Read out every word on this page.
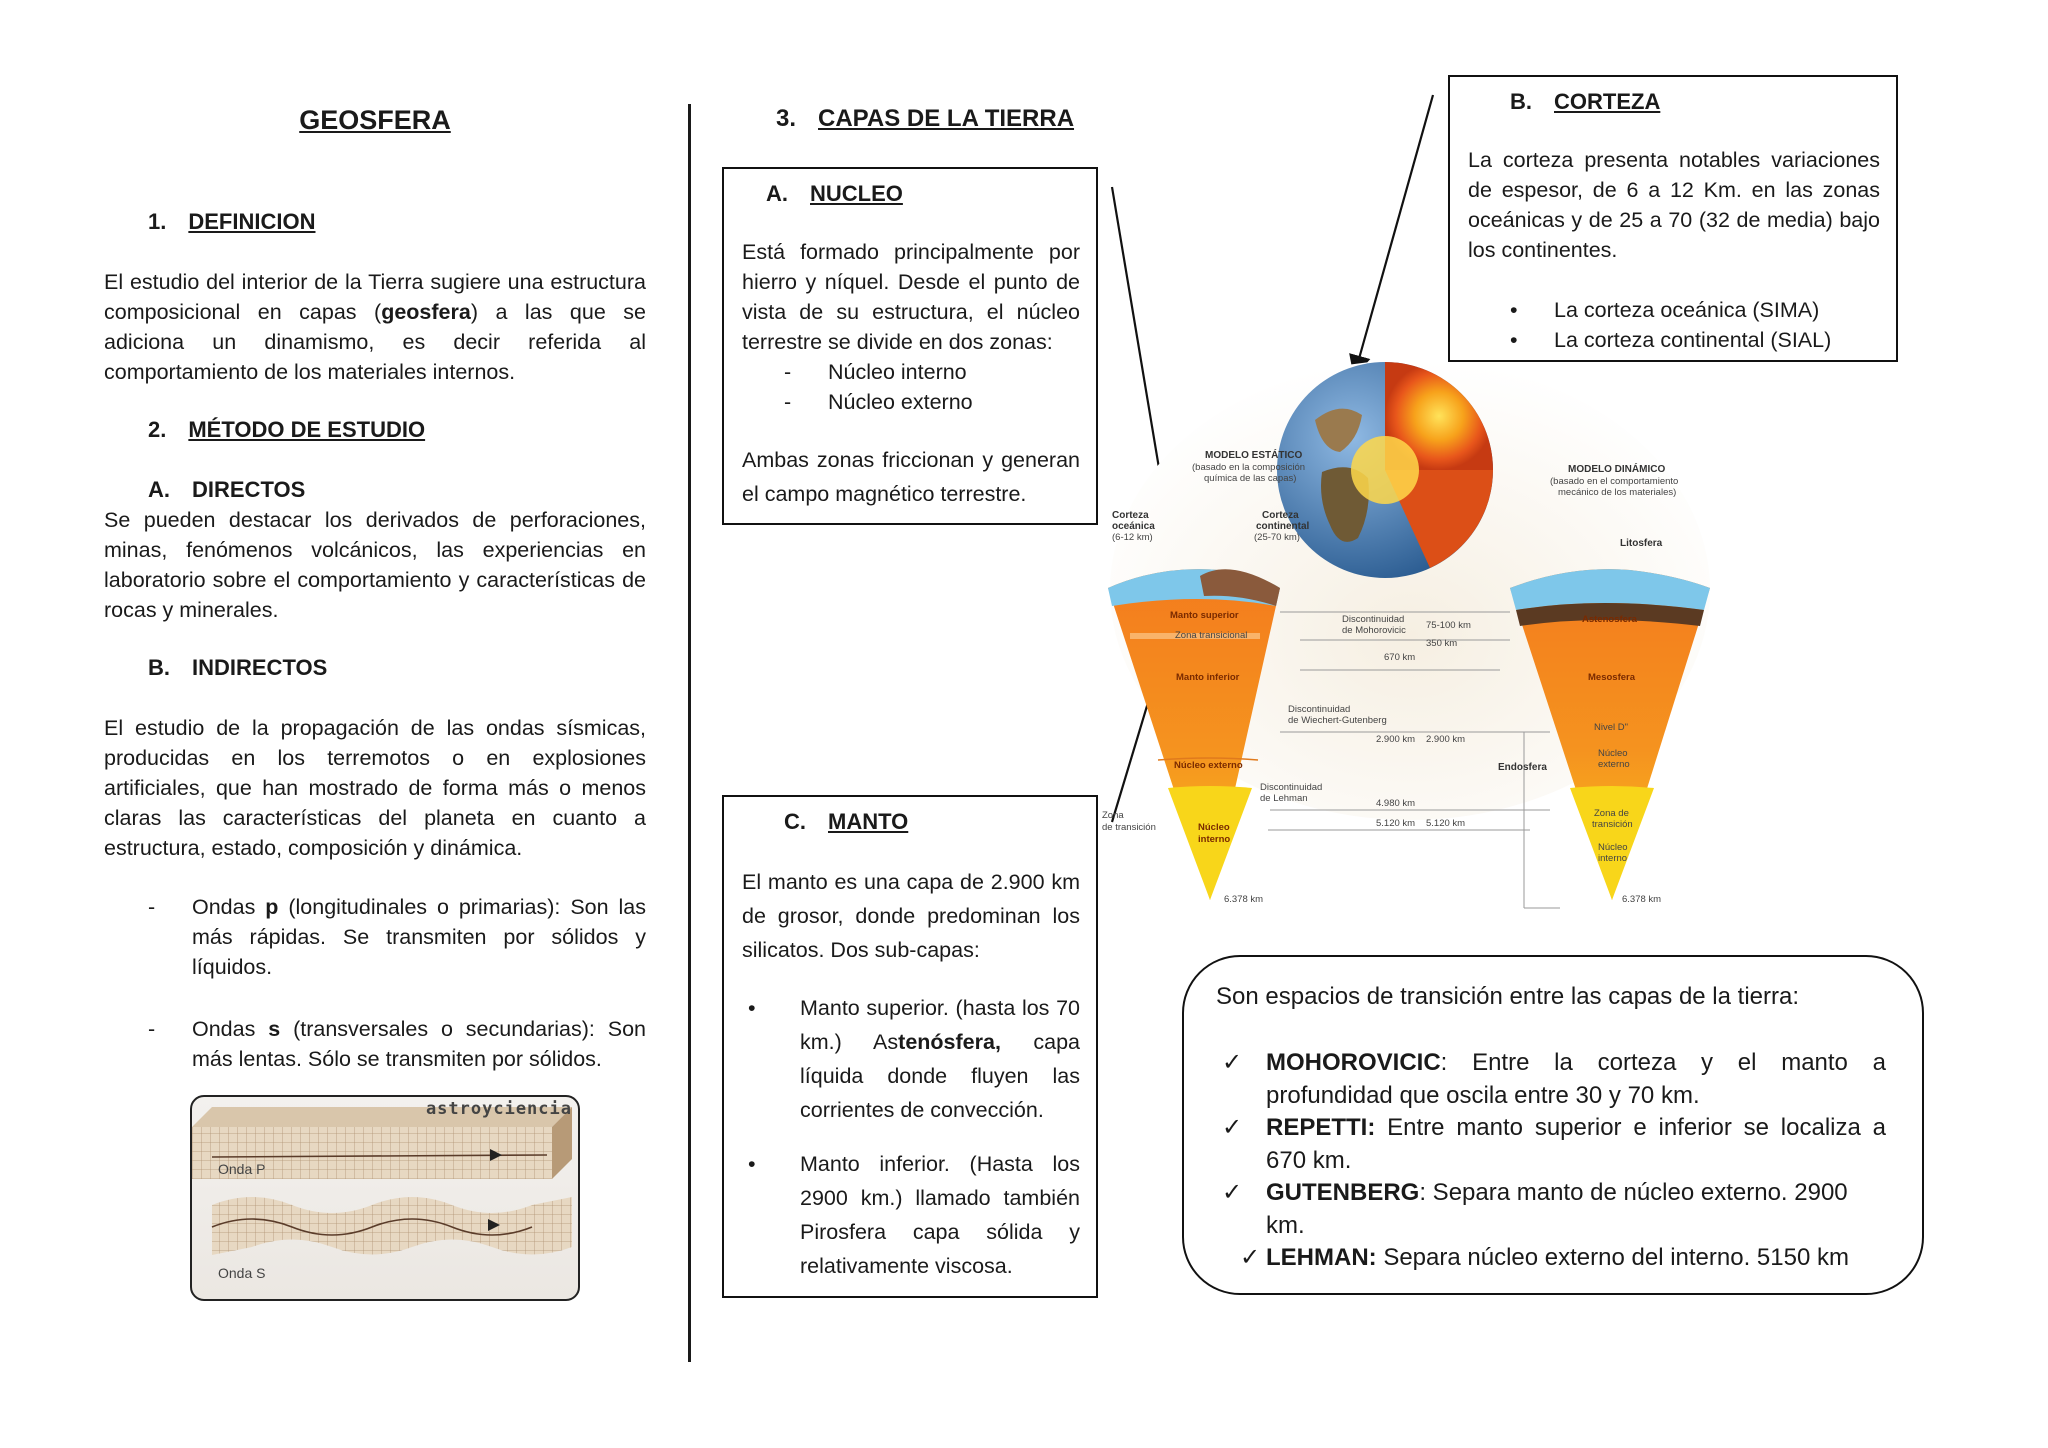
GEOSFERA
1. DEFINICION
El estudio del interior de la Tierra sugiere una estructura composicional en capas (geosfera) a las que se adiciona un dinamismo, es decir referida al comportamiento de los materiales internos.
2. MÉTODO DE ESTUDIO
A. DIRECTOS
Se pueden destacar los derivados de perforaciones, minas, fenómenos volcánicos, las experiencias en laboratorio sobre el comportamiento y características de rocas y minerales.
B. INDIRECTOS
El estudio de la propagación de las ondas sísmicas, producidas en los terremotos o en explosiones artificiales, que han mostrado de forma más o menos claras las características del planeta en cuanto a estructura, estado, composición y dinámica.
-	Ondas p (longitudinales o primarias): Son las más rápidas. Se transmiten por sólidos y líquidos.
-	Ondas s (transversales o secundarias): Son más lentas. Sólo se transmiten por sólidos.
astroyciencia
Onda P
Onda S
3. CAPAS DE LA TIERRA
A. NUCLEO
Está formado principalmente por hierro y níquel. Desde el punto de vista de su estructura, el núcleo terrestre se divide en dos zonas:
-	Núcleo interno
-	Núcleo externo
Ambas zonas friccionan y generan el campo magnético terrestre.
C. MANTO
El manto es una capa de 2.900 km de grosor, donde predominan los silicatos. Dos sub-capas:
•	Manto superior. (hasta los 70 km.) Astenósfera, capa líquida donde fluyen las corrientes de convección.
•	Manto inferior. (Hasta los 2900 km.) llamado también Pirosfera capa sólida y relativamente viscosa.
B. CORTEZA
La corteza presenta notables variaciones de espesor, de 6 a 12 Km. en las zonas oceánicas y de 25 a 70 (32 de media) bajo los continentes.
•	La corteza oceánica (SIMA)
•	La corteza continental (SIAL)
MODELO ESTÁTICO
(basado en la composición
química de las capas)
Corteza
oceánica
(6-12 km)
Corteza
continental
(25-70 km)
Manto superior
Zona transicional
Manto inferior
Núcleo externo
Núcleo
interno
Zona
de transición
6.378 km
Discontinuidad
de Mohorovicic
670 km
Discontinuidad
de Wiechert-Gutenberg
2.900 km 2.900 km
Discontinuidad
de Lehman	4.980 km
5.120 km 5.120 km
75-100 km
350 km
MODELO DINÁMICO
(basado en el comportamiento
mecánico de los materiales)
Litosfera
Astenosfera
Mesosfera
Nivel D"
Núcleo
externo
Endosfera
Zona de
transición
Núcleo
interno
6.378 km
Son espacios de transición entre las capas de la tierra:
✓ MOHOROVICIC: Entre la corteza y el manto a profundidad que oscila entre 30 y 70 km.
✓ REPETTI: Entre manto superior e inferior se localiza a 670 km.
✓ GUTENBERG: Separa manto de núcleo externo. 2900 km.
✓ LEHMAN: Separa núcleo externo del interno. 5150 km
